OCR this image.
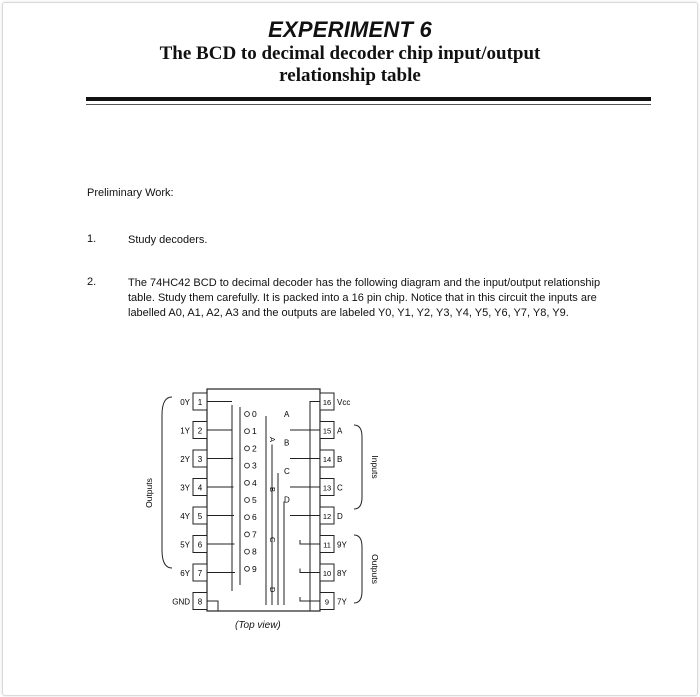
EXPERIMENT 6
The BCD to decimal decoder chip input/output relationship table
Preliminary Work:
1.	Study decoders.
2.	The 74HC42 BCD to decimal decoder has the following diagram and the input/output relationship table. Study them carefully. It is packed into a 16 pin chip. Notice that in this circuit the inputs are labelled A0, A1, A2, A3 and the outputs are labeled Y0, Y1, Y2, Y3, Y4, Y5, Y6, Y7, Y8, Y9.
1
0Y
2
1Y
3
2Y
4
3Y
5
4Y
6
5Y
7
6Y
8
GND
16 Vcc
15 A
14 B
13 C
12 D
11 9Y
10 8Y
9 7Y
0
1
2
3
4
5
6
7
8
9
A
B
C
D
A
B
C
D
Outputs
Inputs
Outputs
(Top view)
